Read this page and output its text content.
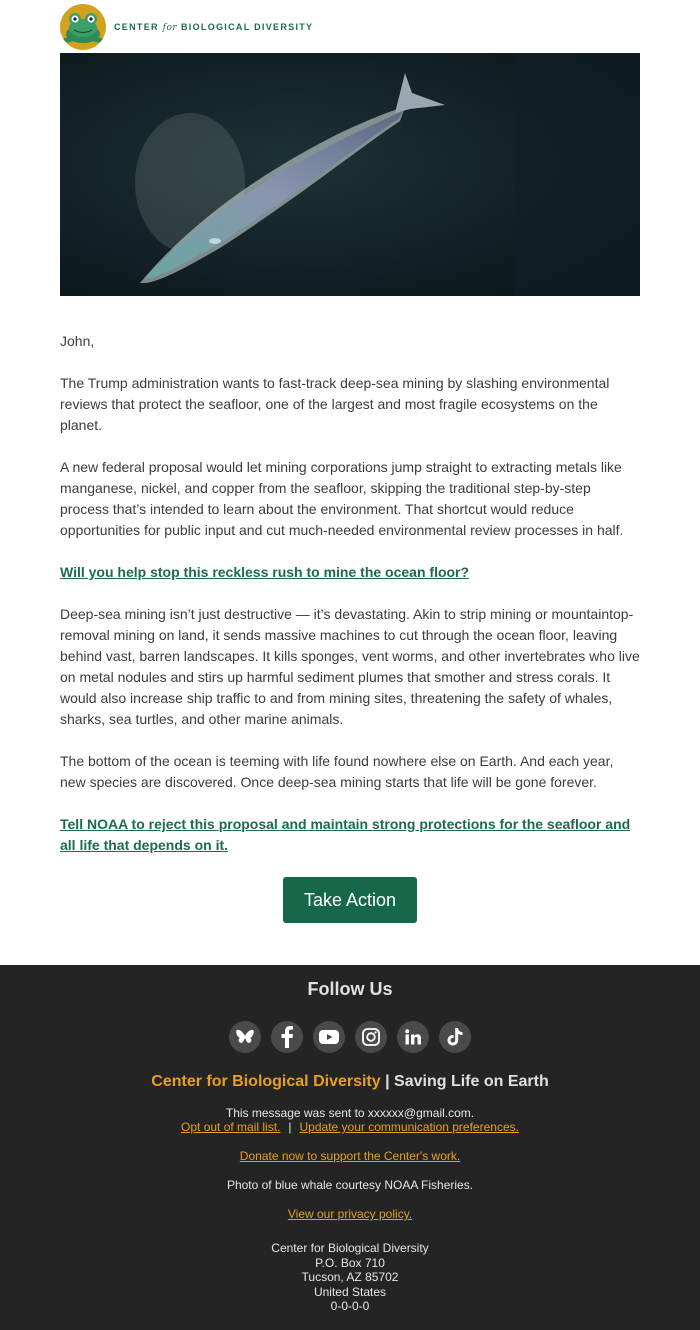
CENTER for BIOLOGICAL DIVERSITY

John,

The Trump administration wants to fast-track deep-sea mining by slashing environmental reviews that protect the seafloor, one of the largest and most fragile ecosystems on the planet.

A new federal proposal would let mining corporations jump straight to extracting metals like manganese, nickel, and copper from the seafloor, skipping the traditional step-by-step process that’s intended to learn about the environment. That shortcut would reduce opportunities for public input and cut much-needed environmental review processes in half.

Will you help stop this reckless rush to mine the ocean floor?

Deep-sea mining isn’t just destructive — it’s devastating. Akin to strip mining or mountaintop-removal mining on land, it sends massive machines to cut through the ocean floor, leaving behind vast, barren landscapes. It kills sponges, vent worms, and other invertebrates who live on metal nodules and stirs up harmful sediment plumes that smother and stress corals. It would also increase ship traffic to and from mining sites, threatening the safety of whales, sharks, sea turtles, and other marine animals.

The bottom of the ocean is teeming with life found nowhere else on Earth. And each year, new species are discovered. Once deep-sea mining starts that life will be gone forever.

Tell NOAA to reject this proposal and maintain strong protections for the seafloor and all life that depends on it.

Take Action
Follow Us
Center for Biological Diversity | Saving Life on Earth
This message was sent to xxxxxx@gmail.com.
Opt out of mail list. | Update your communication preferences.
Donate now to support the Center's work.
Photo of blue whale courtesy NOAA Fisheries.
View our privacy policy.
Center for Biological Diversity
P.O. Box 710
Tucson, AZ 85702
United States
0-0-0-0
